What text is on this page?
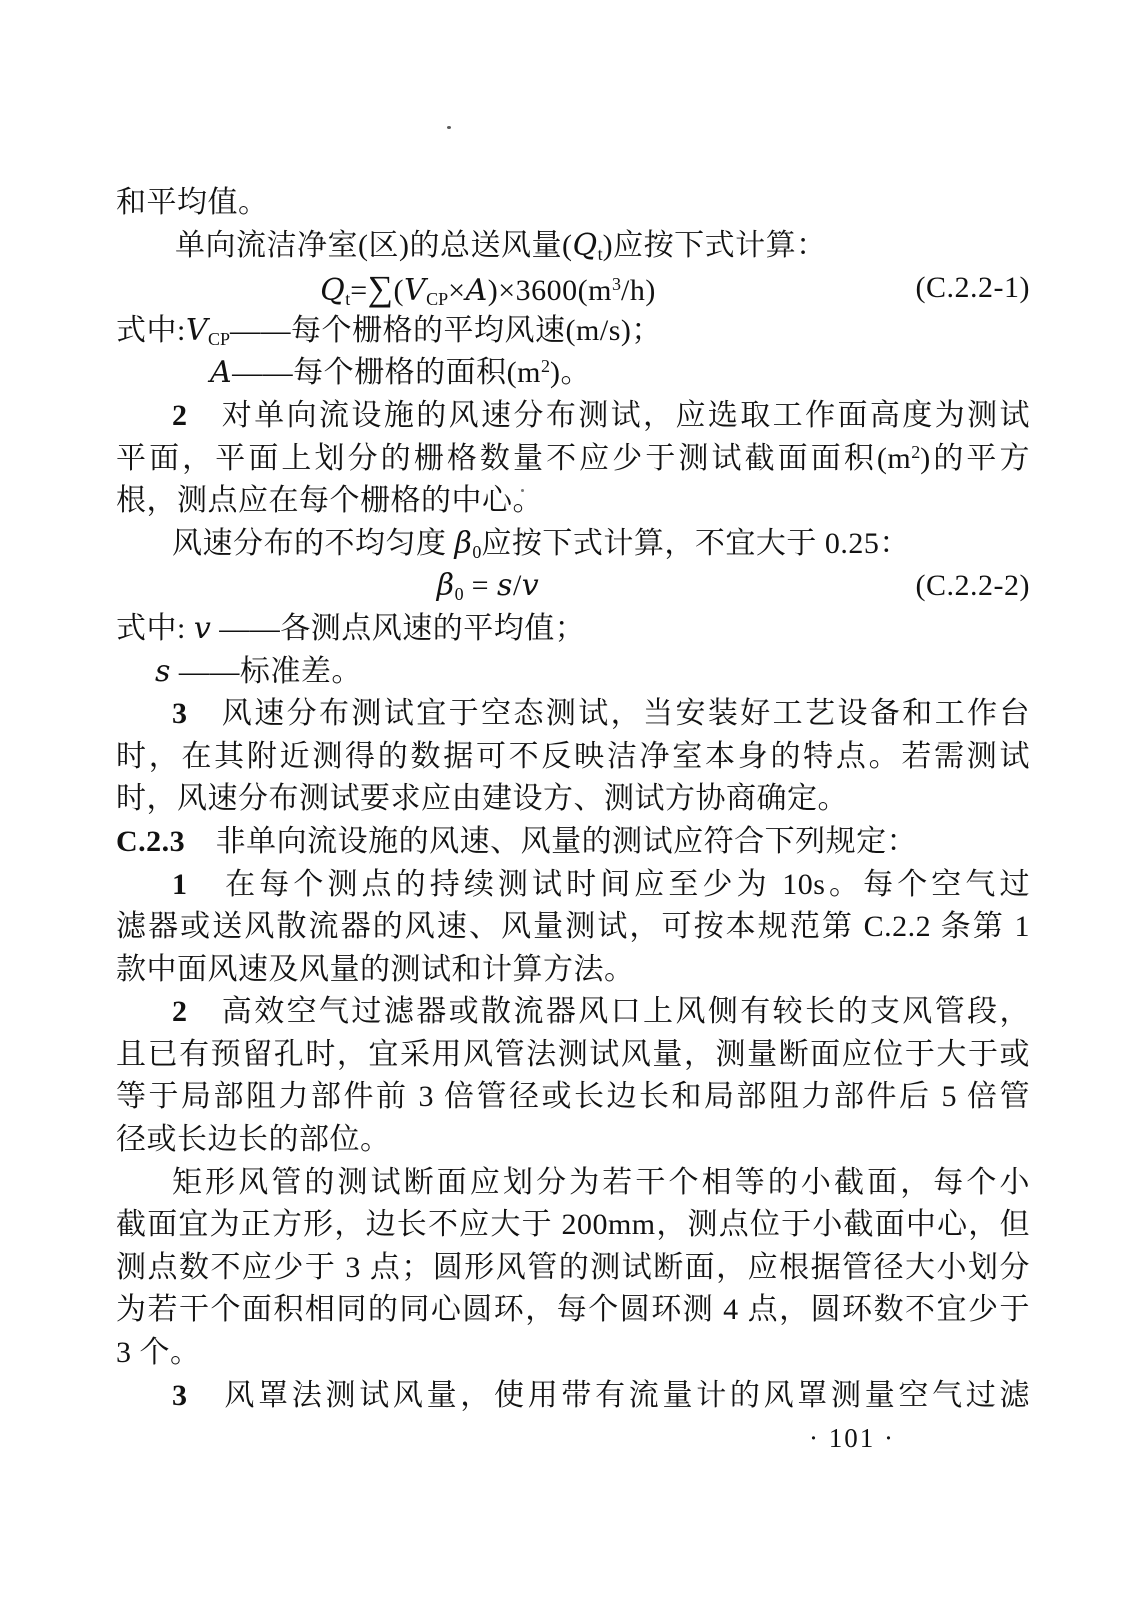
和平均值。
单向流洁净室(区)的总送风量$(Q_t)$应按下式计算：
$Q_t=\sum(V_{CP}\times A)\times 3600(m^3/h)$	(C.2.2-1)
式中$:V_{CP}——$每个栅格的平均风速(m/s)；
A——每个栅格的面积$(m^2)$。
2　对单向流设施的风速分布测试，应选取工作面高度为测试
平面，平面上划分的栅格数量不应少于测试截面面积$(m^2)$的平方
根，测点应在每个栅格的中心。
风速分布的不均匀度 $\beta_0$应按下式计算，不宜大于 0.25：
$\beta_0 = s/v$	(C.2.2-2)
式中: v ——各测点风速的平均值；
s ——标准差。
3　风速分布测试宜于空态测试，当安装好工艺设备和工作台
时，在其附近测得的数据可不反映洁净室本身的特点。若需测试
时，风速分布测试要求应由建设方、测试方协商确定。
C.2.3　非单向流设施的风速、风量的测试应符合下列规定：
1　在每个测点的持续测试时间应至少为 10s。每个空气过
滤器或送风散流器的风速、风量测试，可按本规范第 C.2.2 条第 1
款中面风速及风量的测试和计算方法。
2　高效空气过滤器或散流器风口上风侧有较长的支风管段，
且已有预留孔时，宜采用风管法测试风量，测量断面应位于大于或
等于局部阻力部件前 3 倍管径或长边长和局部阻力部件后 5 倍管
径或长边长的部位。
矩形风管的测试断面应划分为若干个相等的小截面，每个小
截面宜为正方形，边长不应大于 200mm，测点位于小截面中心，但
测点数不应少于 3 点；圆形风管的测试断面，应根据管径大小划分
为若干个面积相同的同心圆环，每个圆环测 4 点，圆环数不宜少于
3 个。
3　风罩法测试风量，使用带有流量计的风罩测量空气过滤
· 101 ·
